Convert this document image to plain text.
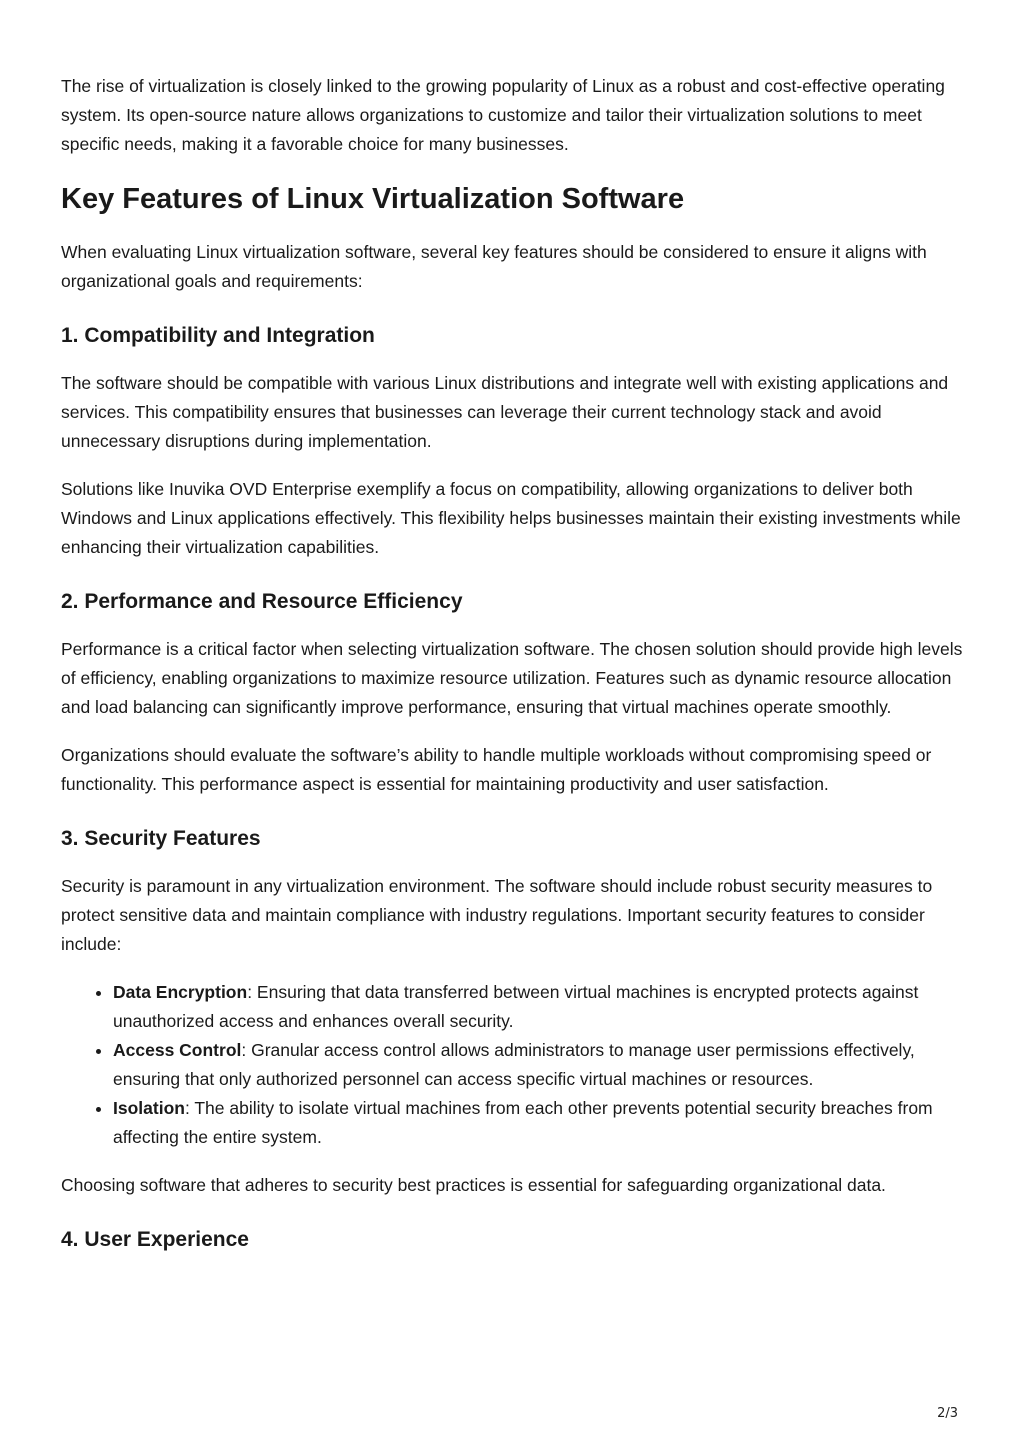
The rise of virtualization is closely linked to the growing popularity of Linux as a robust and cost-effective operating system. Its open-source nature allows organizations to customize and tailor their virtualization solutions to meet specific needs, making it a favorable choice for many businesses.

Key Features of Linux Virtualization Software

When evaluating Linux virtualization software, several key features should be considered to ensure it aligns with organizational goals and requirements:

1. Compatibility and Integration

The software should be compatible with various Linux distributions and integrate well with existing applications and services. This compatibility ensures that businesses can leverage their current technology stack and avoid unnecessary disruptions during implementation.

Solutions like Inuvika OVD Enterprise exemplify a focus on compatibility, allowing organizations to deliver both Windows and Linux applications effectively. This flexibility helps businesses maintain their existing investments while enhancing their virtualization capabilities.

2. Performance and Resource Efficiency

Performance is a critical factor when selecting virtualization software. The chosen solution should provide high levels of efficiency, enabling organizations to maximize resource utilization. Features such as dynamic resource allocation and load balancing can significantly improve performance, ensuring that virtual machines operate smoothly.

Organizations should evaluate the software’s ability to handle multiple workloads without compromising speed or functionality. This performance aspect is essential for maintaining productivity and user satisfaction.

3. Security Features

Security is paramount in any virtualization environment. The software should include robust security measures to protect sensitive data and maintain compliance with industry regulations. Important security features to consider include:

• Data Encryption: Ensuring that data transferred between virtual machines is encrypted protects against unauthorized access and enhances overall security.
• Access Control: Granular access control allows administrators to manage user permissions effectively, ensuring that only authorized personnel can access specific virtual machines or resources.
• Isolation: The ability to isolate virtual machines from each other prevents potential security breaches from affecting the entire system.

Choosing software that adheres to security best practices is essential for safeguarding organizational data.

4. User Experience
2/3
